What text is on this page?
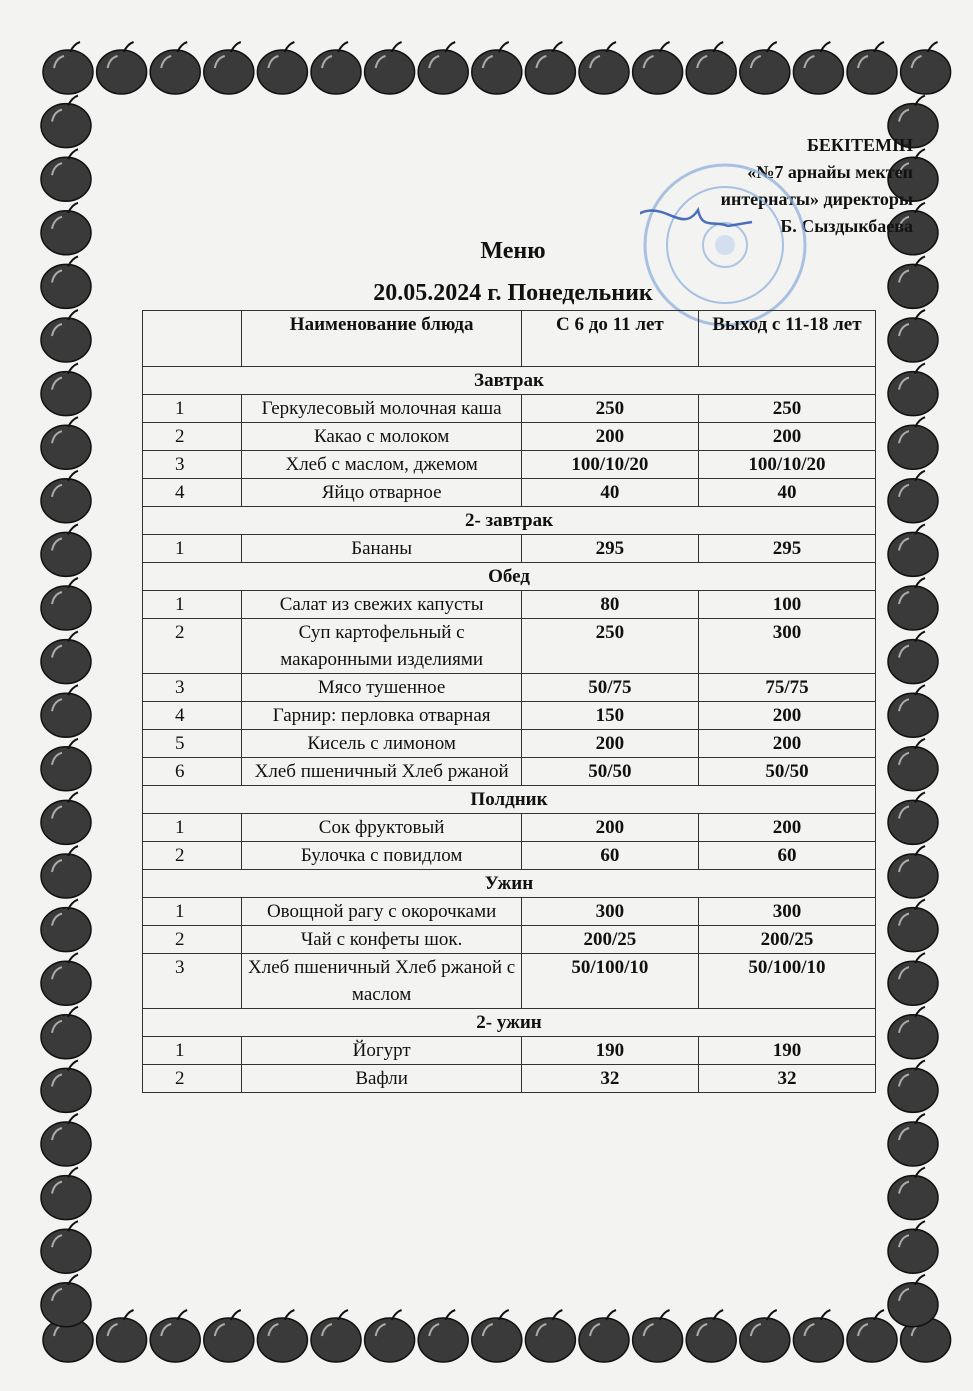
БЕКІТЕМІН
«№7 арнайы мектеп
интернаты» директоры
Б. Сыздыкбаева
Меню
20.05.2024 г. Понедельник
	Наименование блюда	С 6 до 11 лет	Выход с 11-18 лет
Завтрак			
1	Геркулесовый молочная каша	250	250
2	Какао с молоком	200	200
3	Хлеб с маслом, джемом	100/10/20	100/10/20
4	Яйцо отварное	40	40
2- завтрак			
1	Бананы	295	295
Обед			
1	Салат из свежих капусты	80	100
2	Суп картофельный с макаронными изделиями	250	300
3	Мясо тушенное	50/75	75/75
4	Гарнир: перловка отварная	150	200
5	Кисель с лимоном	200	200
6	Хлеб пшеничный Хлеб ржаной	50/50	50/50
Полдник			
1	Сок фруктовый	200	200
2	Булочка с повидлом	60	60
Ужин			
1	Овощной рагу с окорочками	300	300
2	Чай с конфеты шок.	200/25	200/25
3	Хлеб пшеничный Хлеб ржаной с маслом	50/100/10	50/100/10
2- ужин			
1	Йогурт	190	190
2	Вафли	32	32
